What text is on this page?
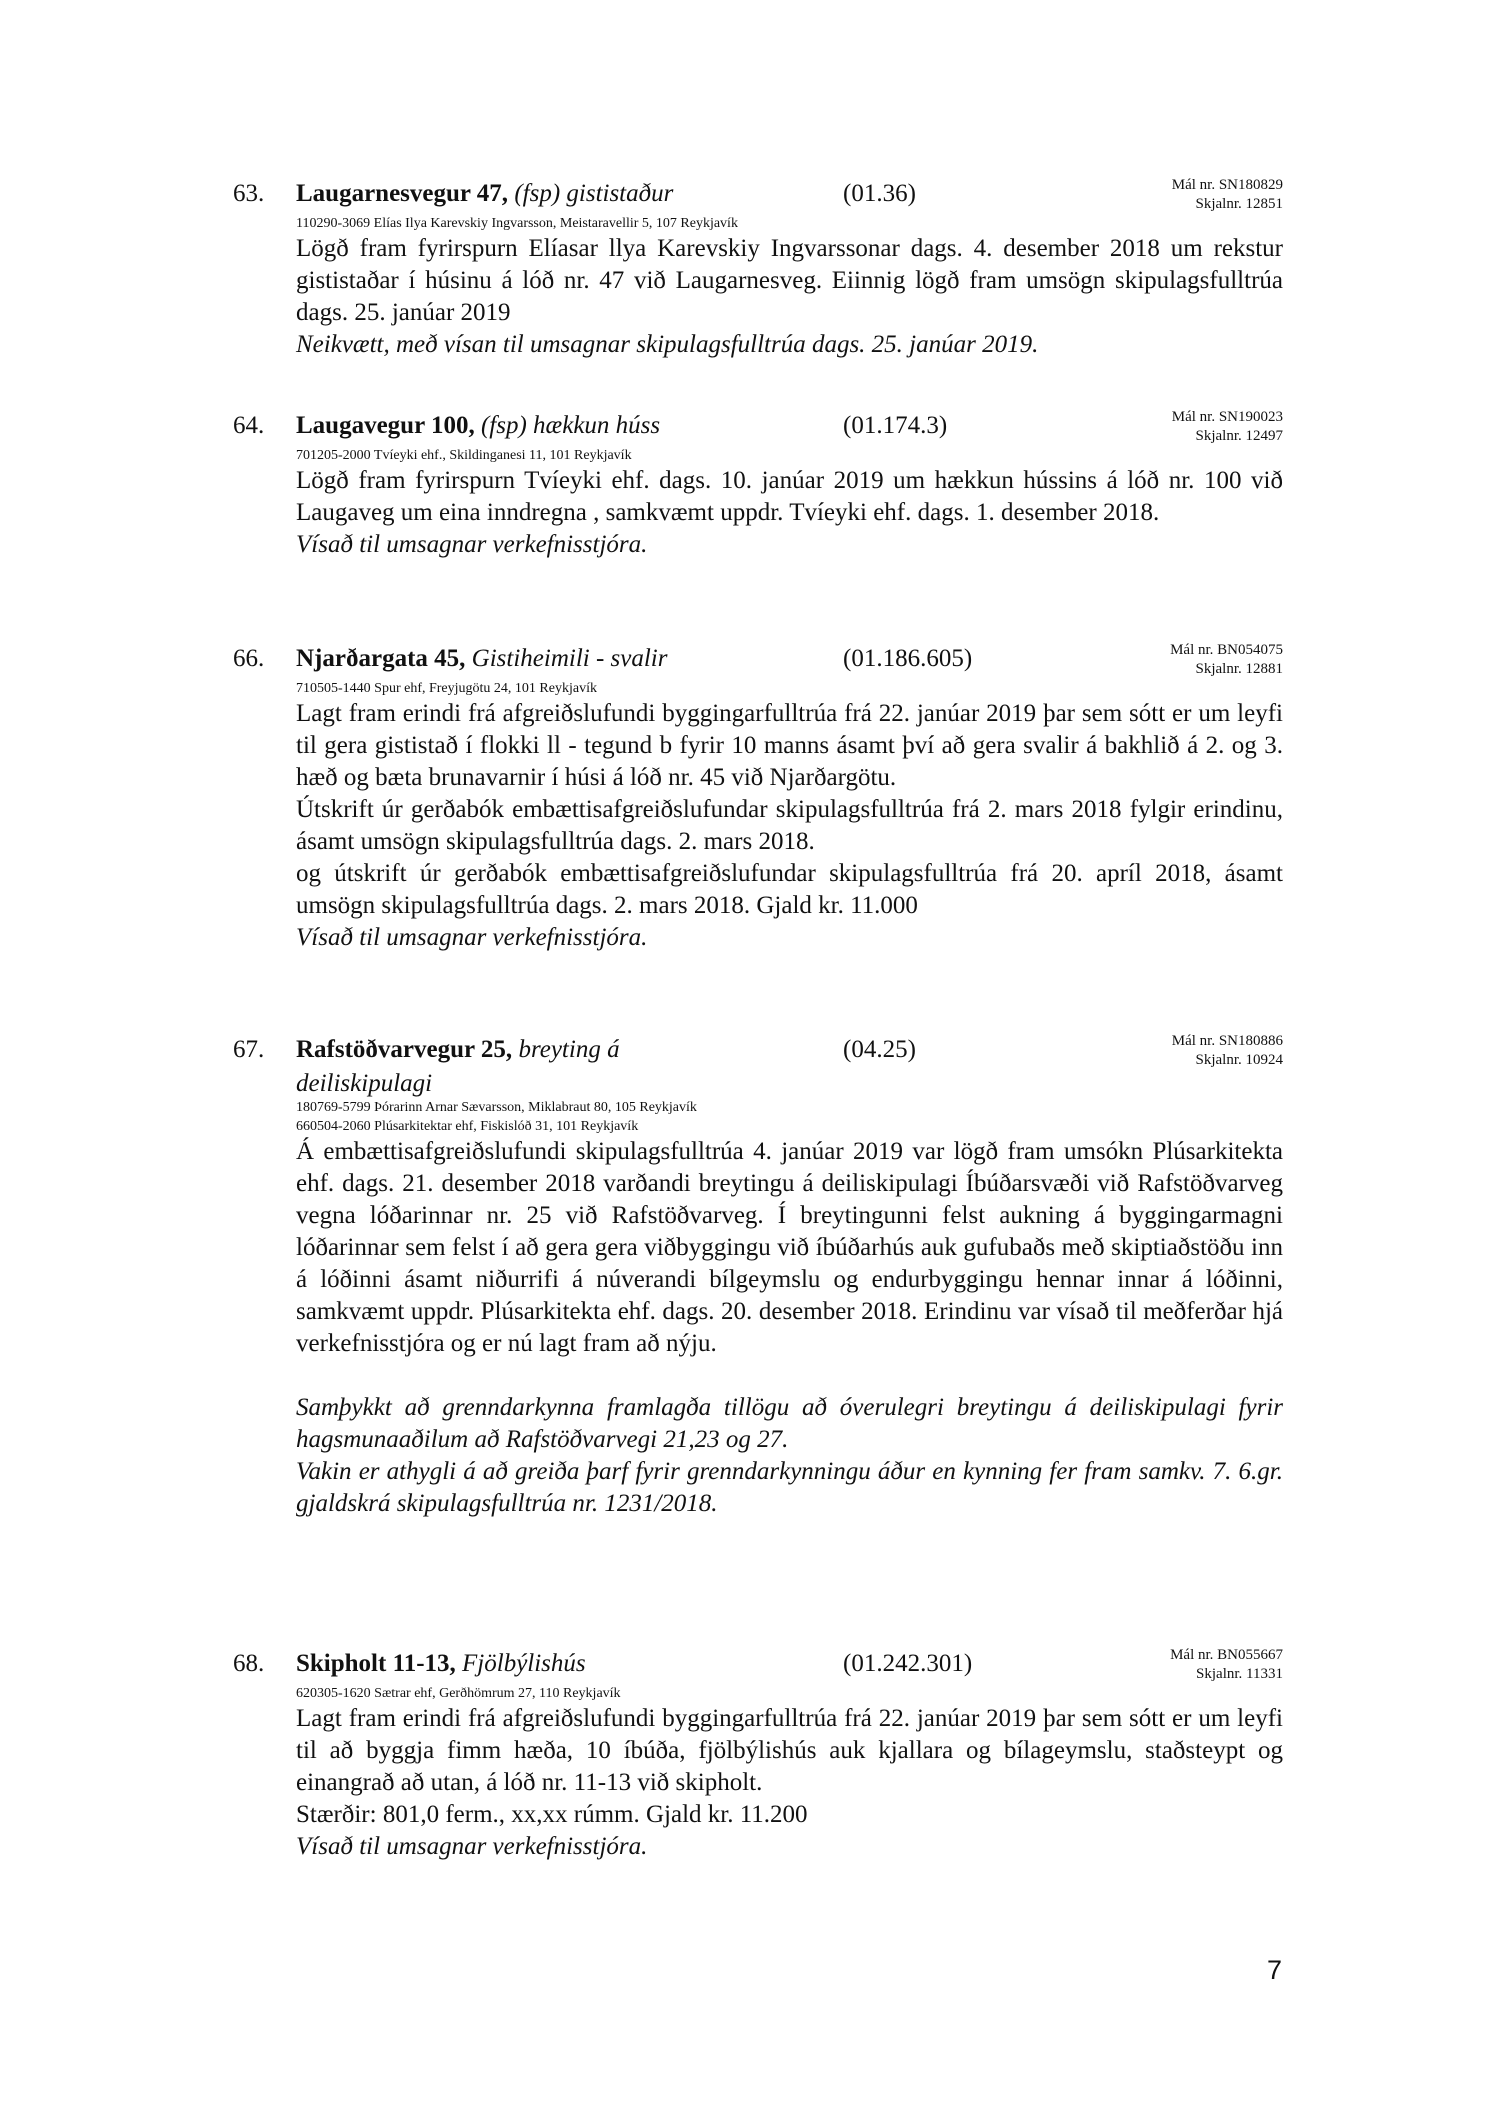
63. Laugarnesvegur 47, (fsp) gististaður	(01.36)	Mál nr. SN180829
Skjalnr. 12851
110290-3069 Elías Ilya Karevskiy Ingvarsson, Meistaravellir 5, 107 Reykjavík
Lögð fram fyrirspurn Elíasar llya Karevskiy Ingvarssonar dags. 4. desember 2018 um rekstur gististaðar í húsinu á lóð nr. 47 við Laugarnesveg. Eiinnig lögð fram umsögn skipulagsfulltrúa dags. 25. janúar 2019
Neikvætt, með vísan til umsagnar skipulagsfulltrúa dags. 25. janúar 2019.
64. Laugavegur 100, (fsp) hækkun húss	(01.174.3)	Mál nr. SN190023
Skjalnr. 12497
701205-2000 Tvíeyki ehf., Skildinganesi 11, 101 Reykjavík
Lögð fram fyrirspurn Tvíeyki ehf. dags. 10. janúar 2019 um hækkun hússins á lóð nr. 100 við Laugaveg um eina inndregna , samkvæmt uppdr. Tvíeyki ehf. dags. 1. desember 2018.
Vísað til umsagnar verkefnisstjóra.
66. Njarðargata 45, Gistiheimili - svalir	(01.186.605)	Mál nr. BN054075
Skjalnr. 12881
710505-1440 Spur ehf, Freyjugötu 24, 101 Reykjavík
Lagt fram erindi frá afgreiðslufundi byggingarfulltrúa frá 22. janúar 2019 þar sem sótt er um leyfi til gera gististað í flokki ll - tegund b fyrir 10 manns ásamt því að gera svalir á bakhlið á 2. og 3. hæð og bæta brunavarnir í húsi á lóð nr. 45 við Njarðargötu.
Útskrift úr gerðabók embættisafgreiðslufundar skipulagsfulltrúa frá 2. mars 2018 fylgir erindinu, ásamt umsögn skipulagsfulltrúa dags. 2. mars 2018.
og útskrift úr gerðabók embættisafgreiðslufundar skipulagsfulltrúa frá 20. apríl 2018, ásamt umsögn skipulagsfulltrúa dags. 2. mars 2018. Gjald kr. 11.000
Vísað til umsagnar verkefnisstjóra.
67. Rafstöðvarvegur 25, breyting á	(04.25)	Mál nr. SN180886
Skjalnr. 10924
deiliskipulagi
180769-5799 Þórarinn Arnar Sævarsson, Miklabraut 80, 105 Reykjavík
660504-2060 Plúsarkitektar ehf, Fiskislóð 31, 101 Reykjavík
Á embættisafgreiðslufundi skipulagsfulltrúa 4. janúar 2019 var lögð fram umsókn Plúsarkitekta ehf. dags. 21. desember 2018 varðandi breytingu á deiliskipulagi Íbúðarsvæði við Rafstöðvarveg vegna lóðarinnar nr. 25 við Rafstöðvarveg. Í breytingunni felst aukning á byggingarmagni lóðarinnar sem felst í að gera gera viðbyggingu við íbúðarhús auk gufubaðs með skiptiaðstöðu inn á lóðinni ásamt niðurrifi á núverandi bílgeymslu og endurbyggingu hennar innar á lóðinni, samkvæmt uppdr. Plúsarkitekta ehf. dags. 20. desember 2018. Erindinu var vísað til meðferðar hjá verkefnisstjóra og er nú lagt fram að nýju.
Samþykkt að grenndarkynna framlagða tillögu að óverulegri breytingu á deiliskipulagi fyrir hagsmunaaðilum að Rafstöðvarvegi 21,23 og 27.
Vakin er athygli á að greiða þarf fyrir grenndarkynningu áður en kynning fer fram samkv. 7. 6.gr. gjaldskrá skipulagsfulltrúa nr. 1231/2018.
68. Skipholt 11-13, Fjölbýlishús	(01.242.301)	Mál nr. BN055667
Skjalnr. 11331
620305-1620 Sætrar ehf, Gerðhömrum 27, 110 Reykjavík
Lagt fram erindi frá afgreiðslufundi byggingarfulltrúa frá 22. janúar 2019 þar sem sótt er um leyfi til að byggja fimm hæða, 10 íbúða, fjölbýlishús auk kjallara og bílageymslu, staðsteypt og einangrað að utan, á lóð nr. 11-13 við skipholt.
Stærðir: 801,0 ferm., xx,xx rúmm. Gjald kr. 11.200
Vísað til umsagnar verkefnisstjóra.
7
